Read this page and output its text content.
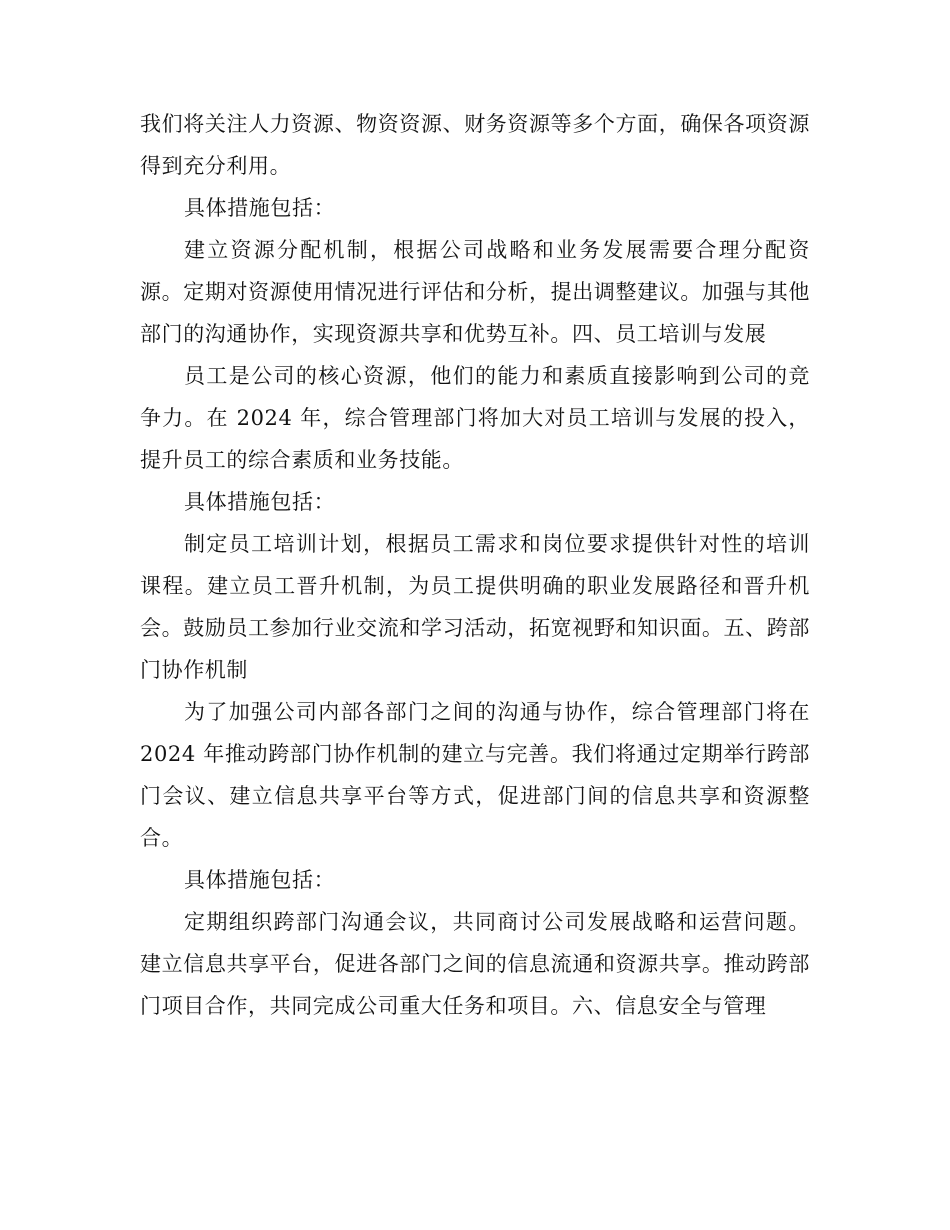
我们将关注人力资源、物资资源、财务资源等多个方面，确保各项资源得到充分利用。

具体措施包括：

建立资源分配机制，根据公司战略和业务发展需要合理分配资源。定期对资源使用情况进行评估和分析，提出调整建议。加强与其他部门的沟通协作，实现资源共享和优势互补。四、员工培训与发展

员工是公司的核心资源，他们的能力和素质直接影响到公司的竞争力。在 2024 年，综合管理部门将加大对员工培训与发展的投入，提升员工的综合素质和业务技能。

具体措施包括：

制定员工培训计划，根据员工需求和岗位要求提供针对性的培训课程。建立员工晋升机制，为员工提供明确的职业发展路径和晋升机会。鼓励员工参加行业交流和学习活动，拓宽视野和知识面。五、跨部门协作机制

为了加强公司内部各部门之间的沟通与协作，综合管理部门将在 2024 年推动跨部门协作机制的建立与完善。我们将通过定期举行跨部门会议、建立信息共享平台等方式，促进部门间的信息共享和资源整合。

具体措施包括：

定期组织跨部门沟通会议，共同商讨公司发展战略和运营问题。建立信息共享平台，促进各部门之间的信息流通和资源共享。推动跨部门项目合作，共同完成公司重大任务和项目。六、信息安全与管理
